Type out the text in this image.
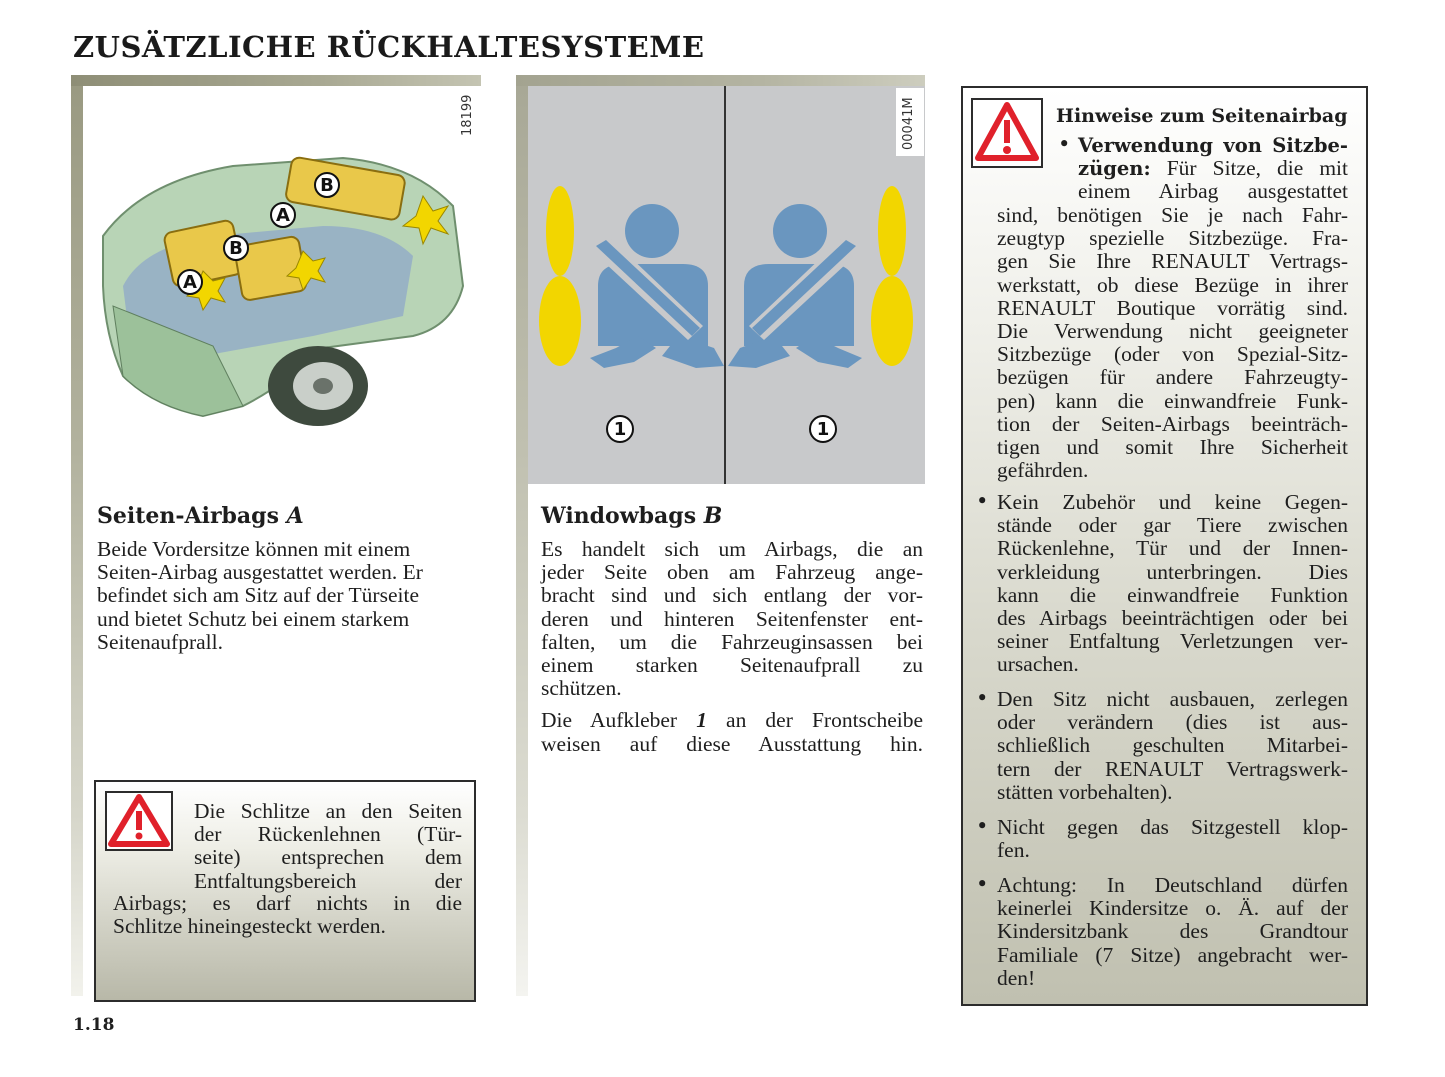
ZUSÄTZLICHE RÜCKHALTESYSTEME
B
A
B
A
18199
1	1
00041M
Seiten-Airbags A

Beide Vordersitze können mit einem

Seiten-Airbag ausgestattet werden. Er

befindet sich am Sitz auf der Türseite

und bietet Schutz bei einem starkem

Seitenaufprall.

Windowbags B

Es handelt sich um Airbags, die an

jeder Seite oben am Fahrzeug ange-

bracht sind und sich entlang der vor-

deren und hinteren Seitenfenster ent-

falten, um die Fahrzeuginsassen bei

einem starken Seitenaufprall zu

schützen.

Die Aufkleber 1 an der Frontscheibe

weisen auf diese Ausstattung hin.

Die Schlitze an den Seiten
der Rückenlehnen (Tür-
seite) entsprechen dem
Entfaltungsbereich der
Airbags; es darf nichts in die
Schlitze hineingesteckt werden.
Hinweise zum Seitenairbag
• Verwendung von Sitzbe-
zügen: Für Sitze, die mit
einem Airbag ausgestattet
sind, benötigen Sie je nach Fahr-
zeugtyp spezielle Sitzbezüge. Fra-
gen Sie Ihre RENAULT Vertrags-
werkstatt, ob diese Bezüge in ihrer
RENAULT Boutique vorrätig sind.
Die Verwendung nicht geeigneter
Sitzbezüge (oder von Spezial-Sitz-
bezügen für andere Fahrzeugty-
pen) kann die einwandfreie Funk-
tion der Seiten-Airbags beeinträch-
tigen und somit Ihre Sicherheit
gefährden.
• Kein Zubehör und keine Gegen-
stände oder gar Tiere zwischen
Rückenlehne, Tür und der Innen-
verkleidung unterbringen. Dies
kann die einwandfreie Funktion
des Airbags beeinträchtigen oder bei
seiner Entfaltung Verletzungen ver-
ursachen.
• Den Sitz nicht ausbauen, zerlegen
oder verändern (dies ist aus-
schließlich geschulten Mitarbei-
tern der RENAULT Vertragswerk-
stätten vorbehalten).
• Nicht gegen das Sitzgestell klop-
fen.
• Achtung: In Deutschland dürfen
keinerlei Kindersitze o. Ä. auf der
Kindersitzbank des Grandtour
Familiale (7 Sitze) angebracht wer-
den!
1.18
